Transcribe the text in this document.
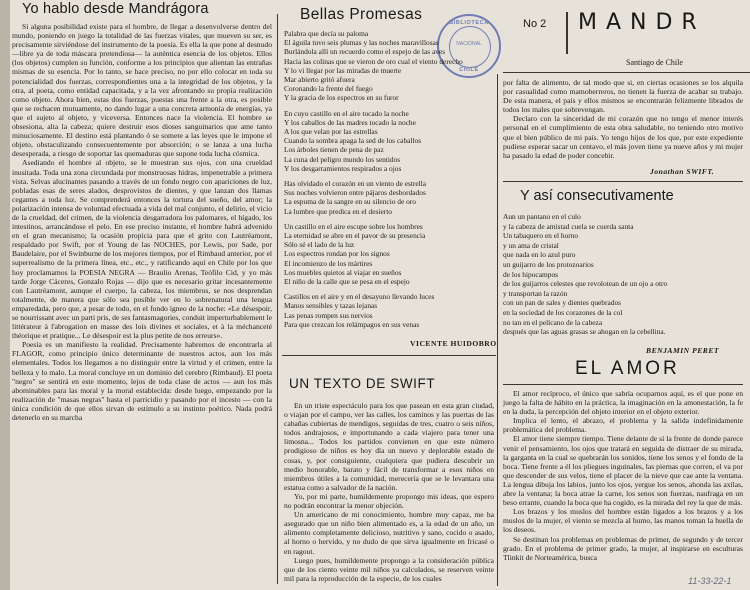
Yo hablo desde Mandrágora	Bellas Promesas	BIBLIOTECA
NACIONAL
CHILE
No 2 MANDR
Santiago de Chile

Si alguna posibilidad existe para el hombre, de llegar a desenvolverse dentro del mundo, poniendo en juego la totalidad de las fuerzas vitales, que mueven su ser, es precisamente sirviéndose del instrumento de la poesía. Es ella la que pone al desnudo —libre ya de toda máscara pretendiosa— la auténtica esencia de los objetos. Ellos (los objetos) cumplen su función, conforme a los principios que alientan las entrañas mismas de su esencia. Por lo tanto, se hace preciso, no por ello colocar en toda su potencialidad dos fuerzas, correspondientes una a la integridad de los objetos, y la otra, al poeta, como entidad capacitada, y a la vez afrontando su propia realización como objeto. Ahora bien, estas dos fuerzas, puestas una frente a la otra, es posible que se rechacen mutuamente, no dando lugar a una concreta armonía de energías, ya que el sujeto al objeto, y viceversa. Entonces nace la violencia. El hombre se obsesiona, alta la cabeza; quiere destruir esos dioses sanguinarios que ame tanto minuciosamente. El destino está plantando ó se somete a las leyes que le impone el objeto, obstaculizando consecuentemente por absorción; o se lanza a una lucha desesperada, a riesgo de soportar las quemaduras que supone toda lucha cósmica.

Asediando el hombre al objeto, se le muestran sus ojos, con una crueldad inusitada. Toda una zona circundada por monstruosas hidras, impenetrable a primera vista. Selvas alucinantes pasando a través de un fondo negro con apariciones de luz, pobladas esas de seres alados, desprovistos de dientes, y que lanzan dos llamas cegantes a toda luz. Se comprenderá entonces la tortura del sueño, del amor; la polarización intensa de voluntad efectuada a vida del mal conjunto, el delirio, el vicio de la crueldad, del crimen, de la violencia desgarradora los palomares, el hígado, los intestinos, arrancándose el pelo. En ese preciso instante, el hombre habrá advenido en el gran mecanismo; la ocasión propicia para que el grito con Lautréamont, respaldado por Swift, por el Young de las NOCHES, por Lewis, por Sade, por Baudelaire, por el Swinburne de los mejores tiempos, por el Rimbaud anterior, por el superrealismo de la primera línea, etc., etc., y ratificando aquí en Chile por los que hoy proclamamos la POESIA NEGRA — Braulio Arenas, Teófilo Cid, y yo más tarde Jorge Cáceres, Gonzalo Rojas — dijo que es necesario gritar incesantemente con Lautréamont, aunque el cuerpo, la cabeza, los miembros, se nos desprendan totalmente, de manera que sólo sea posible ver en lo sobrenatural una lengua emparedada, pero que, a pesar de todo, en el fondo ígneo de la noche: «Le désespoir, se nourrissant avec un parti pris, de ses fantasmagories, conduit imperturbablement le littérateur à l'abrogation en masse des lois divines et sociales, et à la méchanceté théorique et pratique... Le désespoir est la plus petite de nos erreurs».

Poesía es un manifiesto la realidad. Precisamente habremos de encontrarla al FLAGOR, como principio único determinante de nuestros actos, aun los más elementales. Todos los llegamos a no distinguir entre la virtud y el crimen, entre la belleza y lo malo. La moral concluye en un dominio del cerebro (Rimbaud). El poeta "negro" se sentirá en este momento, lejos de toda clase de actos — aun los más abominables para las moral y la moral establecida: desde luego, empezando por la realización de "masas negras" hasta el parricidio y pasando por el incesto — con la única condición de que ellos sirvan de estímulo a su instinto poético. Nada podrá detenerlo en su marcha

Palabra que decía su paloma
El águila tuvo seis plumas y las noches maravillosas
Burlándola allí un recuerdo como el espejo de las aves
Hacia las colinas que se vieron de oro cual el viento derecho
Y lo vi llegar por las miradas de muerte
Mar abierto gritó afuera
Coronando la frente del fuego
Y la gracia de los espectros en su furor
En cuyo castillo en el aire tocado la noche
Y los caballos de las madres tocado la noche
A los que velan por las estrellas
Cuando la sombra apaga la sed de los caballos
Los árboles tienen de pena de paz
La cuna del pelígro mundo los sentidos
Y los desgarramientos respirados a ojos
Has olvidado el corazón en un viento de estrella
Sus noches volvieron entre pájaros desbordados
La espuma de la sangre en su silencio de oro
La lumbre que predica en el desierto
Un castillo en el aire escupe sobre los hombres
La eternidad se abre en el pavor de su presencia
Sólo sé el lado de la luz
Los espectros rondan por los signos
El incomienzo de los mártires
Los muebles quietos al viajar en sueños
El niño de la calle que se pesa en el espejo
Castillos en el aire y en el desayuno llevando luces
Manos sensibles y tazas lejanas
Las penas rompen sus nervios
Para que crezcan los relámpagos en sus venas
VICENTE HUIDOBRO
UN TEXTO DE SWIFT

En un triste espectáculo para los que pasean en esta gran ciudad, o viajan por el campo, ver las calles, los caminos y las puertas de las cabañas cubiertas de mendigos, seguidas de tres, cuatro o seis niños, todos andrajosos, e importunando a cada viajero para tener una limosna... Todos los partidos convienen en que este número prodigioso de niños es hoy día un nuevo y deplorable estado de cosas, y, por consiguiente, cualquiera que pudiera descubrir un medio honorable, barato y fácil de transformar a esos niños en miembros útiles a la comunidad, merecería que se le levantara una estatua como a salvador de la nación.

Yo, por mi parte, humildemente propongo mis ideas, que espero no podrán encontrar la menor objeción.

Un americano de mi conocimiento, hombre muy capaz, me ha asegurado que un niño bien alimentado es, a la edad de un año, un alimento completamente delicioso, nutritivo y sano, cocido o asado, al horno o hervido, y no dudo de que sirva igualmente en fricasé o en ragout.

Luego pues, humildemente propongo a la consideración pública que de los ciento veinte mil niños ya calculados, se reserven veinte mil para la reproducción de la especie, de los cuales

por falta de alimento, de tal modo que si, en ciertas ocasiones se los alquila por casualidad como mamoberreros, no tienen la fuerza de acabar su trabajo. De esta manera, el país y ellos mismos se encontrarán felizmente librados de todos los males que sobrevengan.

Declaro con la sinceridad de mi corazón que no tengo el menor interés personal en el cumplimiento de esta obra saludable, no teniendo otro motivo que el bien público de mi país. Yo tengo hijos de los que, por este expediente pudiese esperar sacar un centavo, el más joven tiene ya nueve años y mi mujer ha pasado la edad de poder concebir.

Jonathan SWIFT.
Y así consecutivamente
Aun un pantano en el culo
y la cabeza de amistad cuela se cuerda santa
Un tabaquero en el horno
y un ama de cristal
que nada en lo azul puro
un guijarro de los protozoarios
de los hipocampos
de los guijarros celestes que revolotean de un ojo a otro
y transportan la razón
con un pan de sales y dientes quebrados
en la sociedad de los corazones de la col
no tan en el pelícano de la cabeza
después que las aguas grasas se ahogan en la cebellina.
BENJAMIN PERET
EL AMOR

El amor recíproco, el único que sabría ocuparnos aquí, es el que pone en juego la falta de hábito en la práctica, la imaginación en la amonestación, la fe en la duda, la percepción del objeto interior en el objeto exterior.

Implica el lento, el abrazo, el problema y la salida indefinidamente problemática del problema.

El amor tiene siempre tiempo. Tiene delante de sí la frente de donde parece venir el pensamiento, los ojos que tratará en seguida de distraer de su mirada, la garganta en la cual se quebrarán los sonidos, tiene los senos y el fondo de la boca. Tiene frente a él los pliegues inguinales, las piernas que corren, el va por que descender de sus velos, tiene el placer de la nieve que cae ante la ventana. La lengua dibuja los labios, junto los ojos, yergue los senos, ahonda las axilas, abre la ventana; la boca atrae la carne, los senos son fuerzas, naufraga en un beso errante, cuando la boca que ha cogido, es la mirada del rey la que de más.

Los brazos y los muslos del hombre están ligados a los brazos y a los muslos de la mujer, el viento se mezcla al humo, las manos toman la huella de los deseos.

Se destinan los problemas en problemas de primer, de segundo y de tercer grado. En el problema de primer grado, la mujer, al inspirarse en esculturas Tlinkit de Norteamérica, busca

11-33-22-1
